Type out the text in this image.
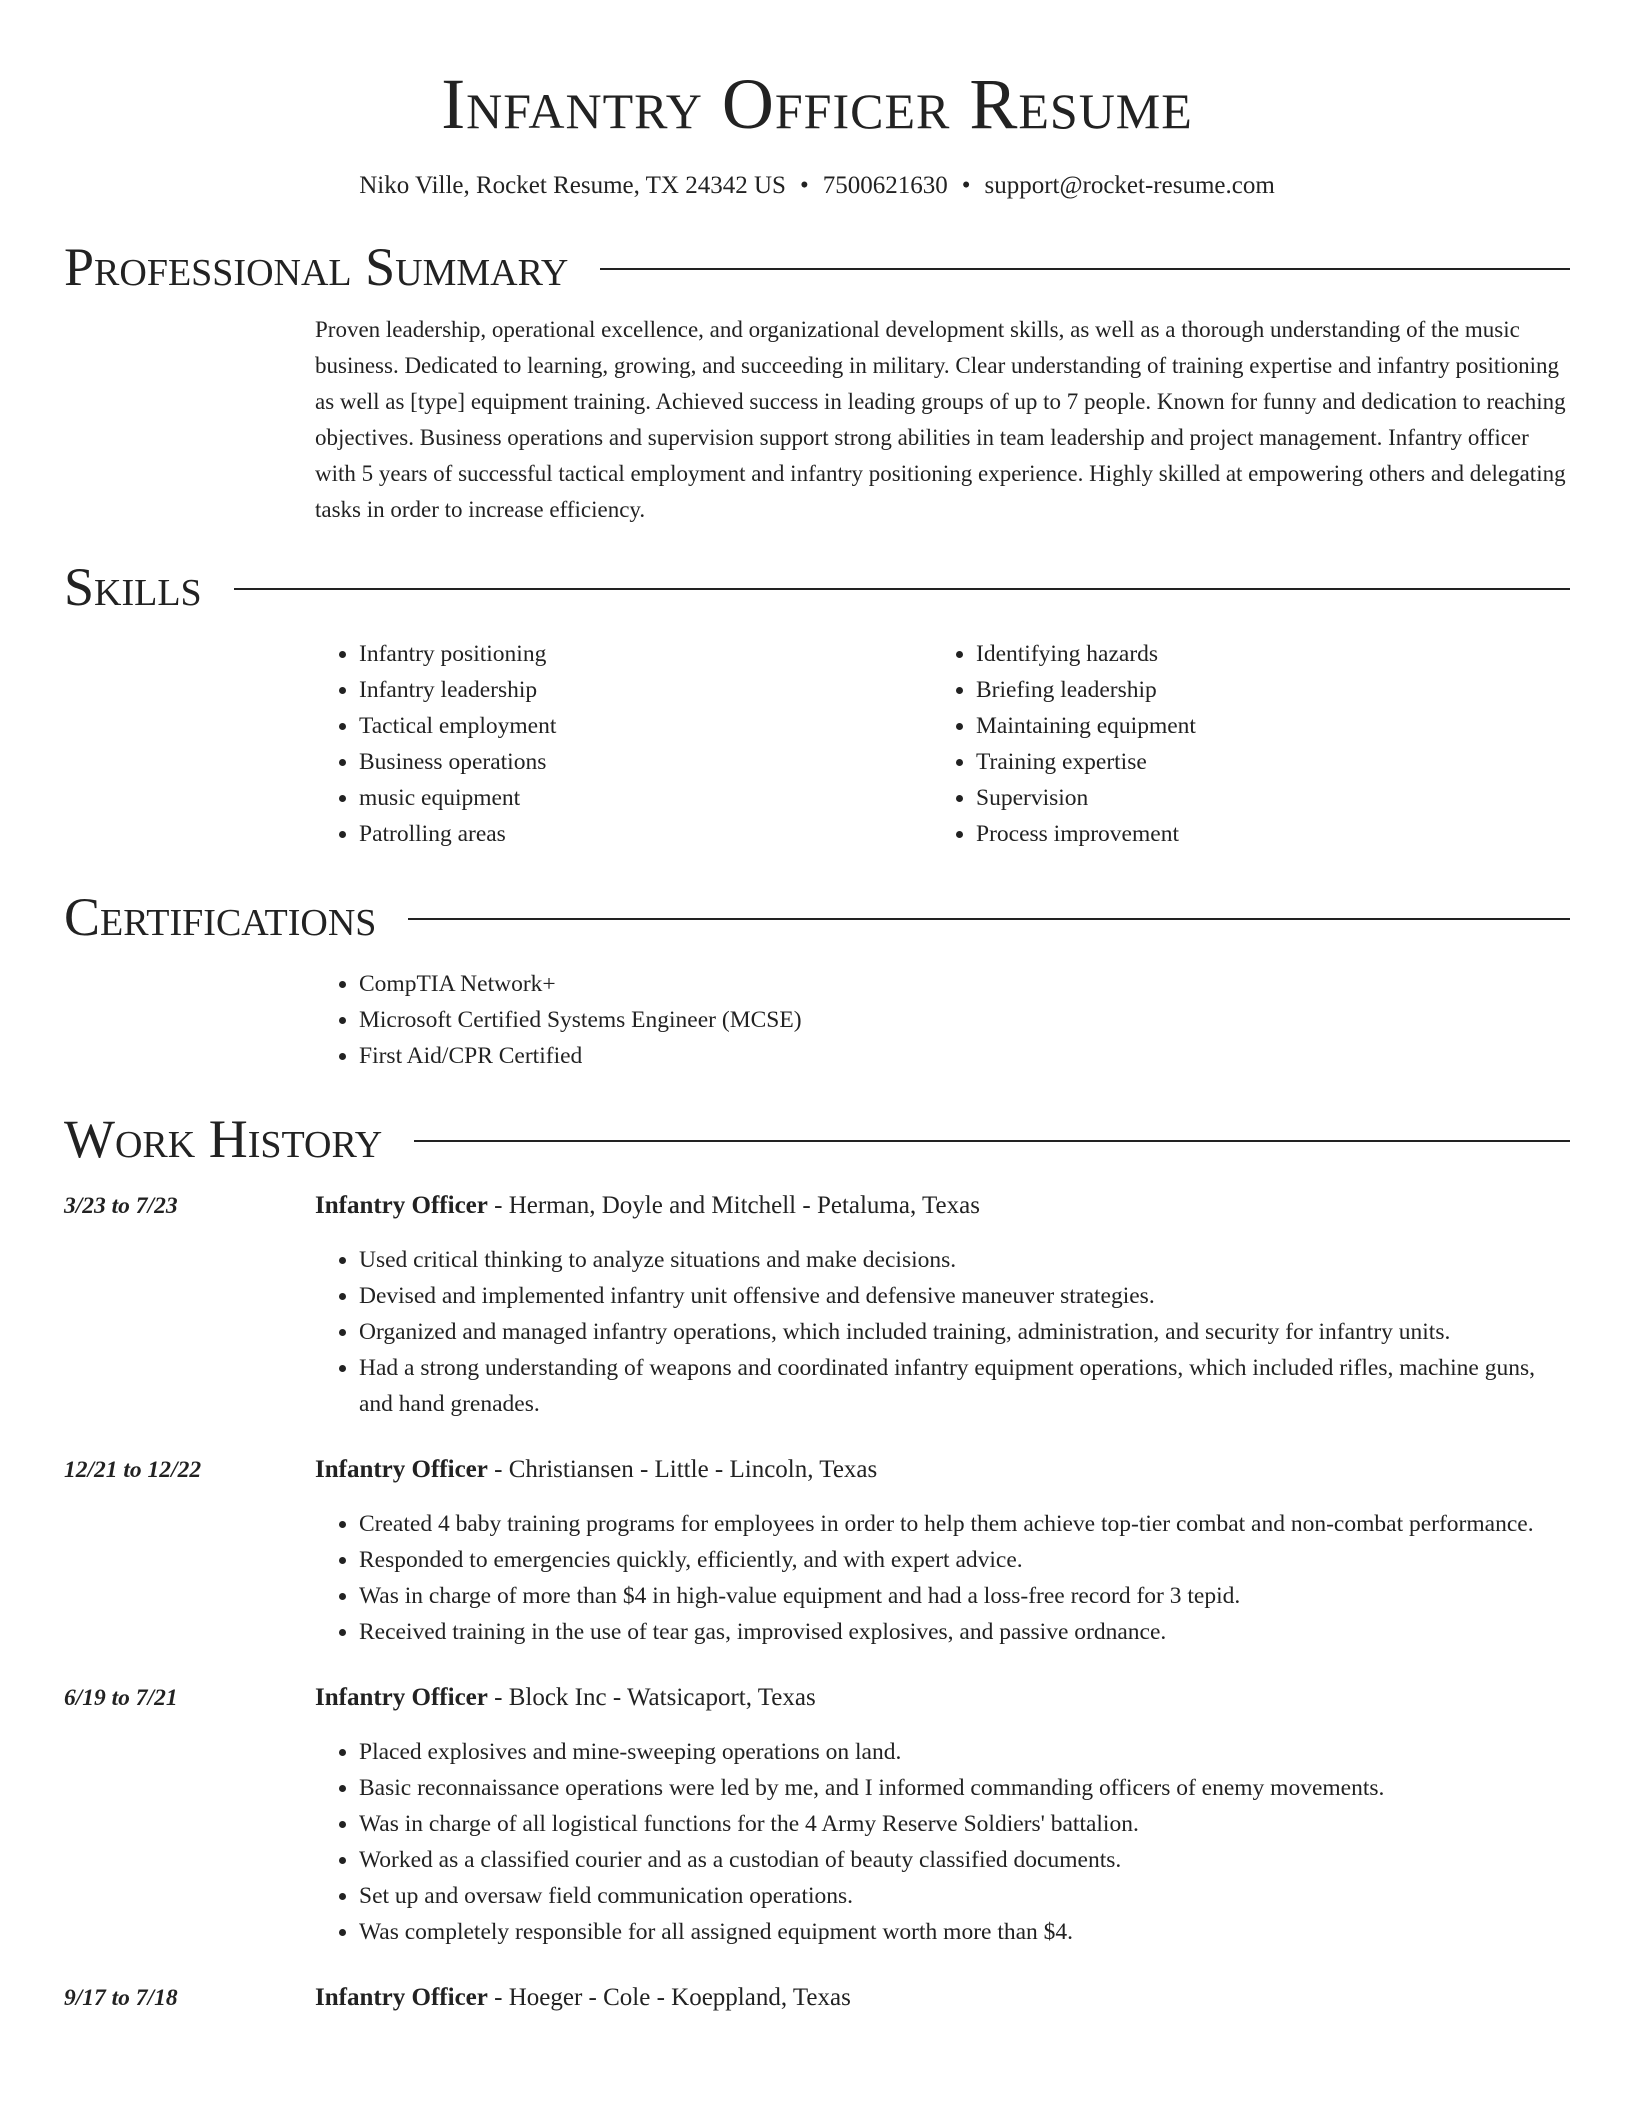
Infantry Officer Resume
Niko Ville, Rocket Resume, TX 24342 US • 7500621630 • support@rocket-resume.com
Professional Summary
Proven leadership, operational excellence, and organizational development skills, as well as a thorough understanding of the music business. Dedicated to learning, growing, and succeeding in military. Clear understanding of training expertise and infantry positioning as well as [type] equipment training. Achieved success in leading groups of up to 7 people. Known for funny and dedication to reaching objectives. Business operations and supervision support strong abilities in team leadership and project management. Infantry officer with 5 years of successful tactical employment and infantry positioning experience. Highly skilled at empowering others and delegating tasks in order to increase efficiency.
Skills
• Infantry positioning
• Infantry leadership
• Tactical employment
• Business operations
• music equipment
• Patrolling areas
• Identifying hazards
• Briefing leadership
• Maintaining equipment
• Training expertise
• Supervision
• Process improvement
Certifications
• CompTIA Network+
• Microsoft Certified Systems Engineer (MCSE)
• First Aid/CPR Certified
Work History
3/23 to 7/23	Infantry Officer - Herman, Doyle and Mitchell - Petaluma, Texas
• Used critical thinking to analyze situations and make decisions.
• Devised and implemented infantry unit offensive and defensive maneuver strategies.
• Organized and managed infantry operations, which included training, administration, and security for infantry units.
• Had a strong understanding of weapons and coordinated infantry equipment operations, which included rifles, machine guns, and hand grenades.
12/21 to 12/22	Infantry Officer - Christiansen - Little - Lincoln, Texas
• Created 4 baby training programs for employees in order to help them achieve top-tier combat and non-combat performance.
• Responded to emergencies quickly, efficiently, and with expert advice.
• Was in charge of more than $4 in high-value equipment and had a loss-free record for 3 tepid.
• Received training in the use of tear gas, improvised explosives, and passive ordnance.
6/19 to 7/21	Infantry Officer - Block Inc - Watsicaport, Texas
• Placed explosives and mine-sweeping operations on land.
• Basic reconnaissance operations were led by me, and I informed commanding officers of enemy movements.
• Was in charge of all logistical functions for the 4 Army Reserve Soldiers' battalion.
• Worked as a classified courier and as a custodian of beauty classified documents.
• Set up and oversaw field communication operations.
• Was completely responsible for all assigned equipment worth more than $4.
9/17 to 7/18	Infantry Officer - Hoeger - Cole - Koeppland, Texas
